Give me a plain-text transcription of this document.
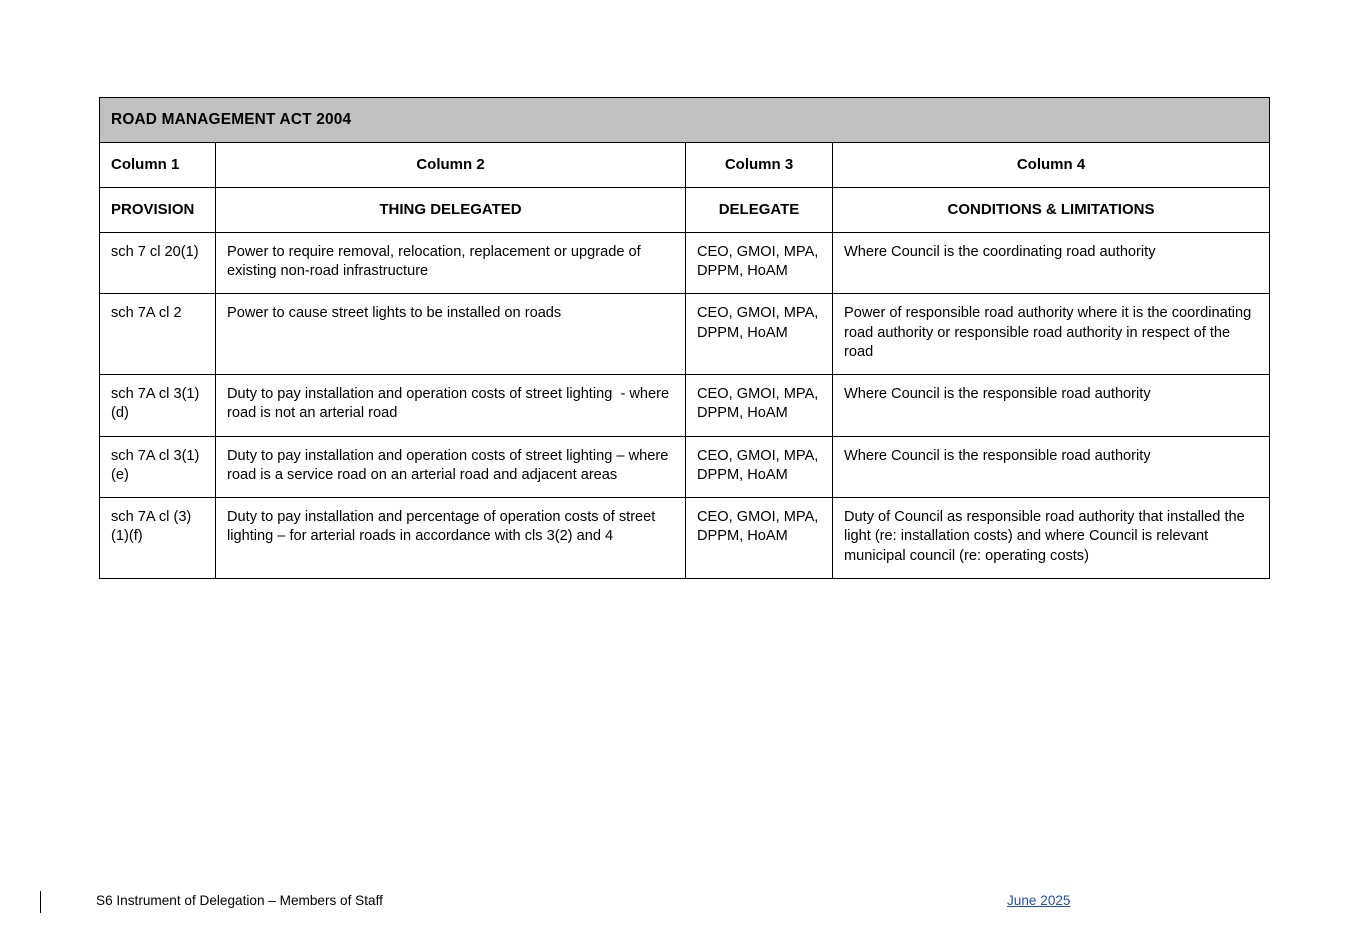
ROAD MANAGEMENT ACT 2004			
Column 1	Column 2	Column 3	Column 4
PROVISION	THING DELEGATED	DELEGATE	CONDITIONS & LIMITATIONS
sch 7 cl 20(1)	Power to require removal, relocation, replacement or upgrade of existing non-road infrastructure	CEO, GMOI, MPA, DPPM, HoAM	Where Council is the coordinating road authority
sch 7A cl 2	Power to cause street lights to be installed on roads	CEO, GMOI, MPA, DPPM, HoAM	Power of responsible road authority where it is the coordinating road authority or responsible road authority in respect of the road
sch 7A cl 3(1)(d)	Duty to pay installation and operation costs of street lighting  - where road is not an arterial road	CEO, GMOI, MPA, DPPM, HoAM	Where Council is the responsible road authority
sch 7A cl 3(1)(e)	Duty to pay installation and operation costs of street lighting – where road is a service road on an arterial road and adjacent areas	CEO, GMOI, MPA, DPPM, HoAM	Where Council is the responsible road authority
sch 7A cl (3)(1)(f)	Duty to pay installation and percentage of operation costs of street lighting – for arterial roads in accordance with cls 3(2) and 4	CEO, GMOI, MPA, DPPM, HoAM	Duty of Council as responsible road authority that installed the light (re: installation costs) and where Council is relevant municipal council (re: operating costs)
S6 Instrument of Delegation – Members of Staff	June 2025
